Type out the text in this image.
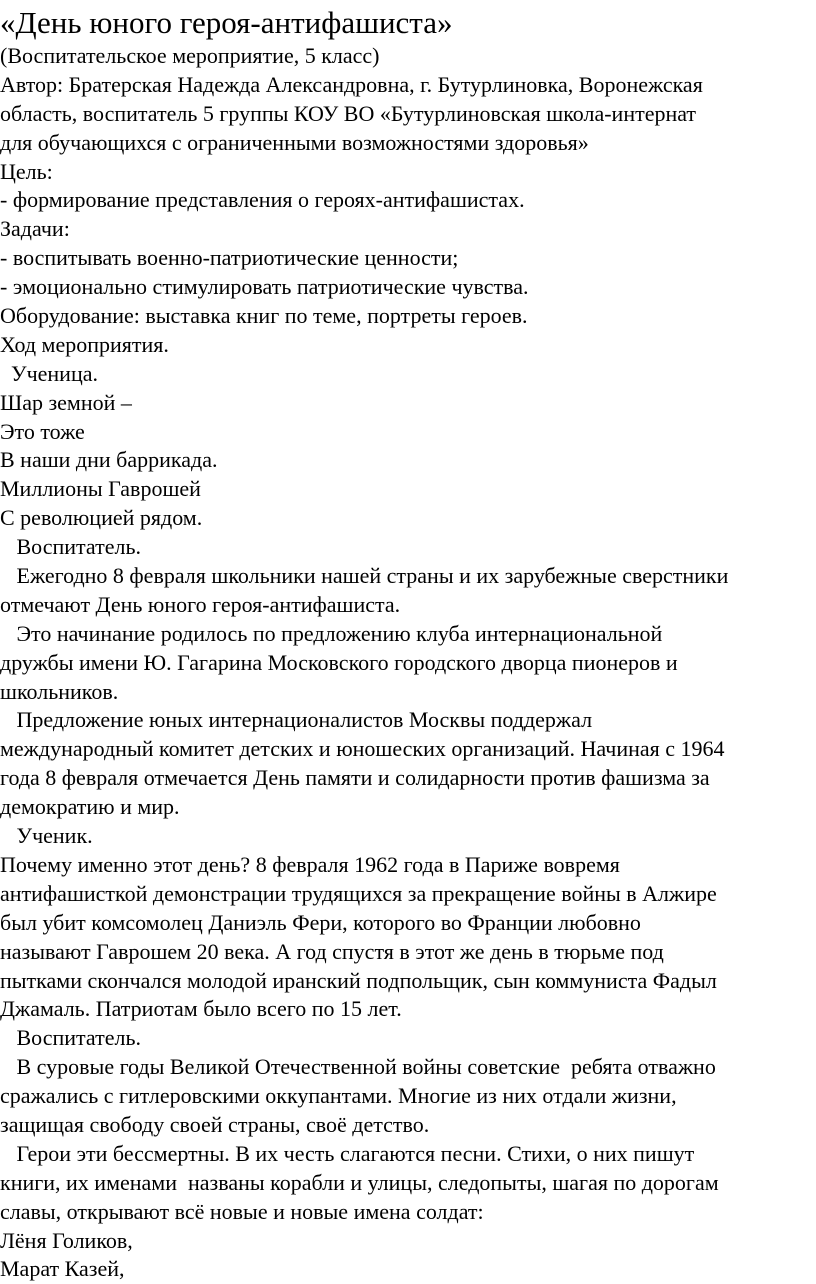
«День юного героя-антифашиста»
(Воспитательское мероприятие, 5 класс)
Автор: Братерская Надежда Александровна, г. Бутурлиновка, Воронежская
область, воспитатель 5 группы КОУ ВО «Бутурлиновская школа-интернат
для обучающихся с ограниченными возможностями здоровья»
Цель:
- формирование представления о героях-антифашистах.
Задачи:
- воспитывать военно-патриотические ценности;
- эмоционально стимулировать патриотические чувства.
Оборудование: выставка книг по теме, портреты героев.
Ход мероприятия.
Ученица.
Шар земной –
Это тоже
В наши дни баррикада.
Миллионы Гаврошей
С революцией рядом.
Воспитатель.
Ежегодно 8 февраля школьники нашей страны и их зарубежные сверстники
отмечают День юного героя-антифашиста.
Это начинание родилось по предложению клуба интернациональной
дружбы имени Ю. Гагарина Московского городского дворца пионеров и
школьников.
Предложение юных интернационалистов Москвы поддержал
международный комитет детских и юношеских организаций. Начиная с 1964
года 8 февраля отмечается День памяти и солидарности против фашизма за
демократию и мир.
Ученик.
Почему именно этот день? 8 февраля 1962 года в Париже вовремя
антифашисткой демонстрации трудящихся за прекращение войны в Алжире
был убит комсомолец Даниэль Фери, которого во Франции любовно
называют Гаврошем 20 века. А год спустя в этот же день в тюрьме под
пытками скончался молодой иранский подпольщик, сын коммуниста Фадыл
Джамаль. Патриотам было всего по 15 лет.
Воспитатель.
В суровые годы Великой Отечественной войны советские  ребята отважно
сражались с гитлеровскими оккупантами. Многие из них отдали жизни,
защищая свободу своей страны, своё детство.
Герои эти бессмертны. В их честь слагаются песни. Стихи, о них пишут
книги, их именами  названы корабли и улицы, следопыты, шагая по дорогам
славы, открывают всё новые и новые имена солдат:
Лёня Голиков,
Марат Казей,
